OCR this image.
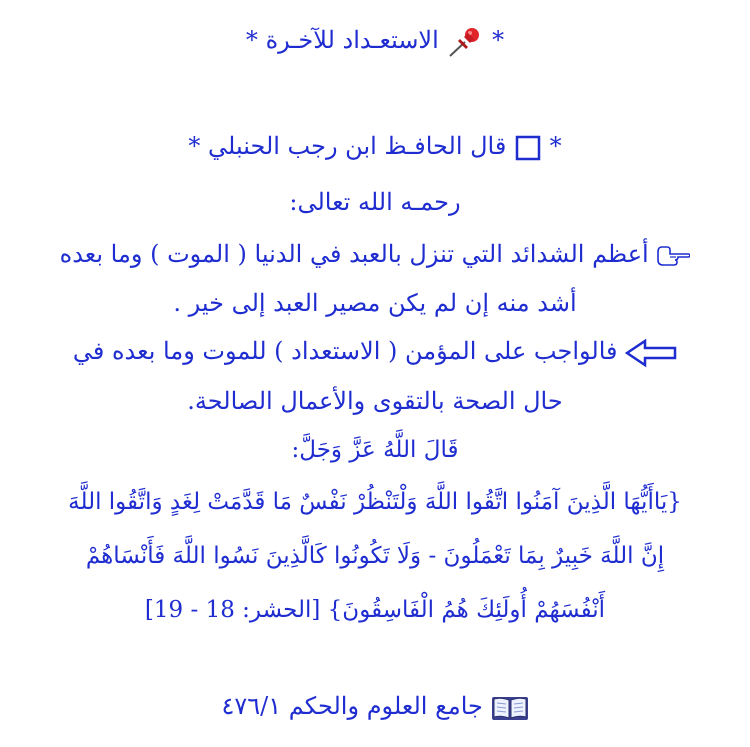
*
الاستعـداد للآخـرة *
*
قال الحافـظ ابن رجب الحنبلي *
رحمـه الله تعالى:
أعظم الشدائد التي تنزل بالعبد في الدنيا ( الموت ) وما بعده
أشد منه إن لم يكن مصير العبد إلى خير .
فالواجب على المؤمن ( الاستعداد ) للموت وما بعده في
حال الصحة بالتقوى والأعمال الصالحة.
قَالَ اللَّهُ عَزَّ وَجَلَّ:
{يَاأَيُّهَا الَّذِينَ آمَنُوا اتَّقُوا اللَّهَ وَلْتَنْظُرْ نَفْسٌ مَا قَدَّمَتْ لِغَدٍ وَاتَّقُوا اللَّهَ
إِنَّ اللَّهَ خَبِيرٌ بِمَا تَعْمَلُونَ - وَلَا تَكُونُوا كَالَّذِينَ نَسُوا اللَّهَ فَأَنْسَاهُمْ
أَنْفُسَهُمْ أُولَئِكَ هُمُ الْفَاسِقُونَ} [الحشر: 18 - 19]
جامع العلوم والحكم ٤٧٦/١
